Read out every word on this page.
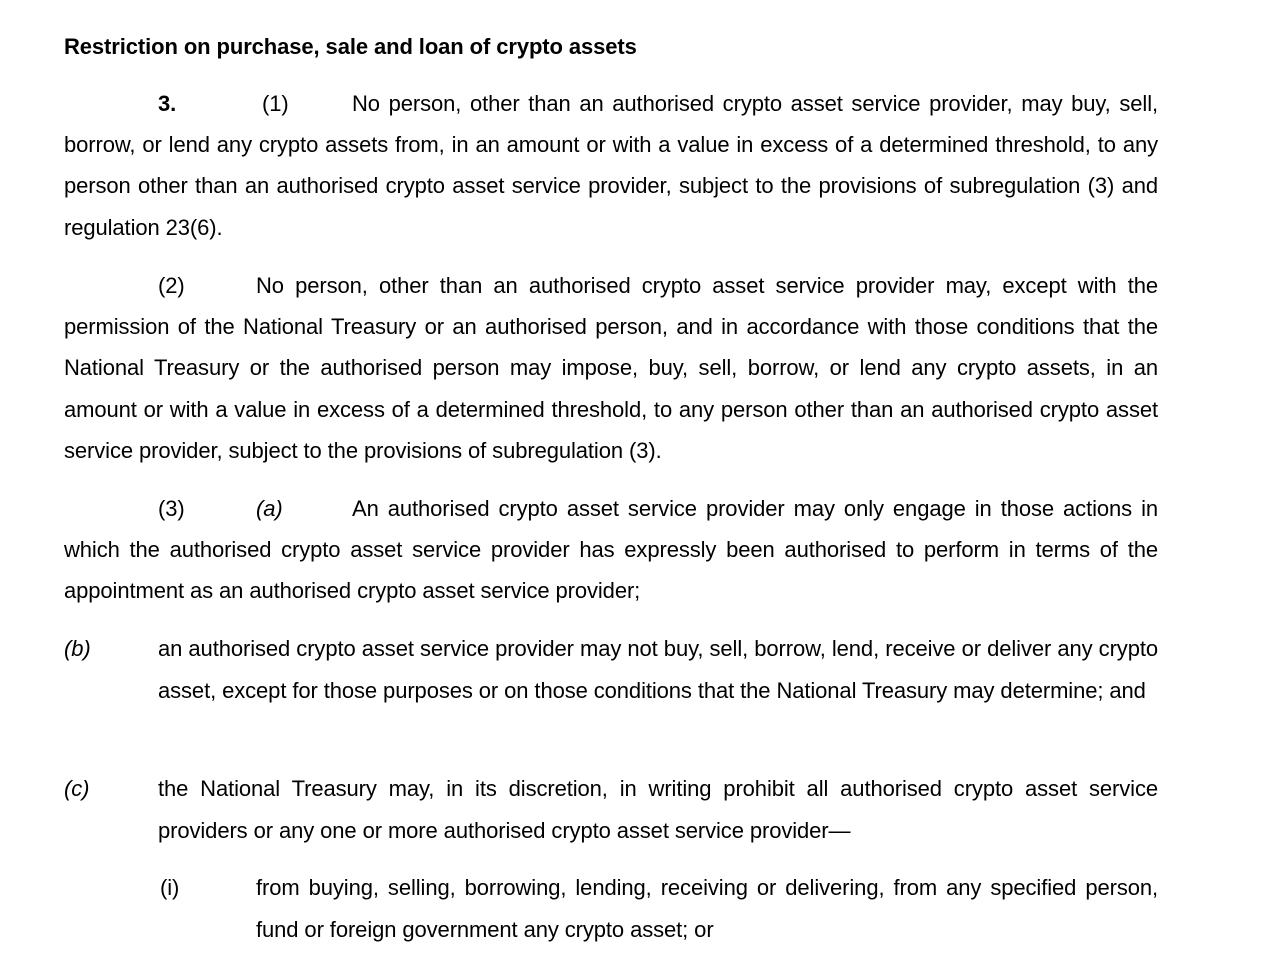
Restriction on purchase, sale and loan of crypto assets

3.	(1)	No person, other than an authorised crypto asset service provider, may buy, sell, borrow, or lend any crypto assets from, in an amount or with a value in excess of a determined threshold, to any person other than an authorised crypto asset service provider, subject to the provisions of subregulation (3) and regulation 23(6).

(2)	No person, other than an authorised crypto asset service provider may, except with the permission of the National Treasury or an authorised person, and in accordance with those conditions that the National Treasury or the authorised person may impose, buy, sell, borrow, or lend any crypto assets, in an amount or with a value in excess of a determined threshold, to any person other than an authorised crypto asset service provider, subject to the provisions of subregulation (3).

(3)	(a)	An authorised crypto asset service provider may only engage in those actions in which the authorised crypto asset service provider has expressly been authorised to perform in terms of the appointment as an authorised crypto asset service provider;

(b)	an authorised crypto asset service provider may not buy, sell, borrow, lend, receive or deliver any crypto asset, except for those purposes or on those conditions that the National Treasury may determine; and
(c)	the National Treasury may, in its discretion, in writing prohibit all authorised crypto asset service providers or any one or more authorised crypto asset service provider—
(i)	from buying, selling, borrowing, lending, receiving or delivering, from any specified person, fund or foreign government any crypto asset; or
